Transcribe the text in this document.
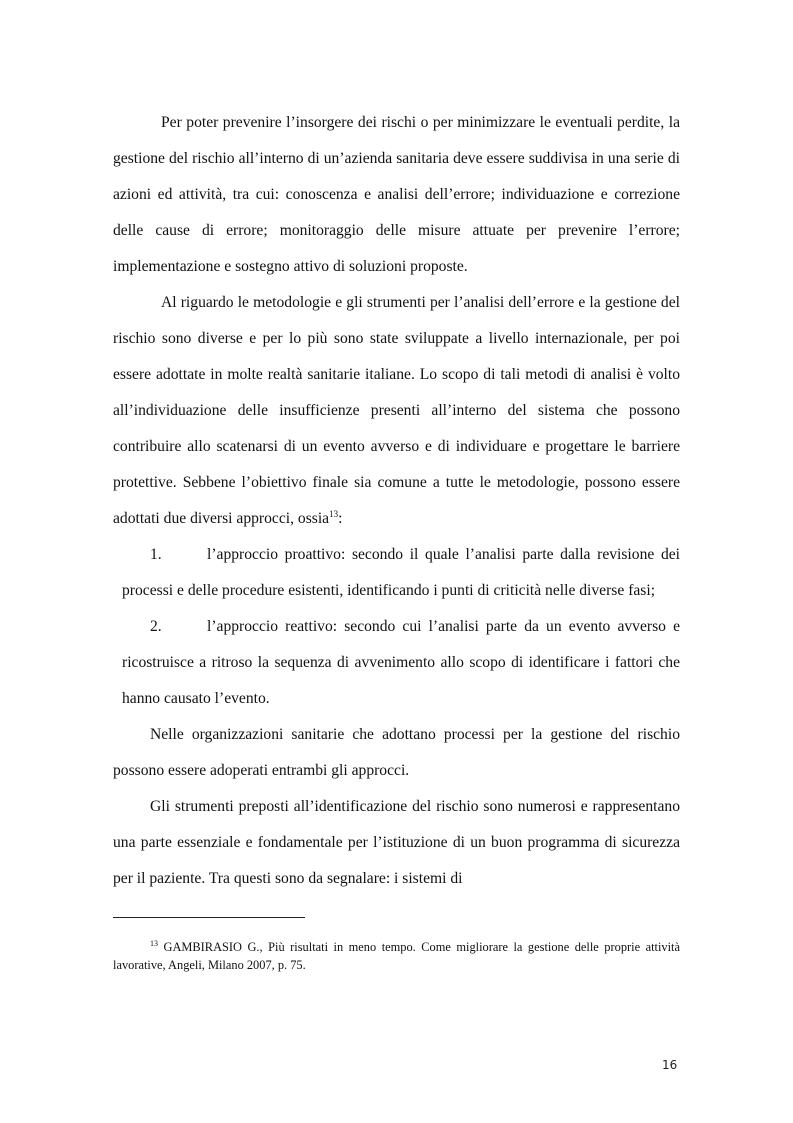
Per poter prevenire l’insorgere dei rischi o per minimizzare le eventuali perdite, la gestione del rischio all’interno di un’azienda sanitaria deve essere suddivisa in una serie di azioni ed attività, tra cui: conoscenza e analisi dell’errore; individuazione e correzione delle cause di errore; monitoraggio delle misure attuate per prevenire l’errore; implementazione e sostegno attivo di soluzioni proposte.

Al riguardo le metodologie e gli strumenti per l’analisi dell’errore e la gestione del rischio sono diverse e per lo più sono state sviluppate a livello internazionale, per poi essere adottate in molte realtà sanitarie italiane. Lo scopo di tali metodi di analisi è volto all’individuazione delle insufficienze presenti all’interno del sistema che possono contribuire allo scatenarsi di un evento avverso e di individuare e progettare le barriere protettive. Sebbene l’obiettivo finale sia comune a tutte le metodologie, possono essere adottati due diversi approcci, ossia$^{13}$:

1.	l’approccio proattivo: secondo il quale l’analisi parte dalla revisione dei processi e delle procedure esistenti, identificando i punti di criticità nelle diverse fasi;
2.	l’approccio reattivo: secondo cui l’analisi parte da un evento avverso e ricostruisce a ritroso la sequenza di avvenimento allo scopo di identificare i fattori che hanno causato l’evento.

Nelle organizzazioni sanitarie che adottano processi per la gestione del rischio possono essere adoperati entrambi gli approcci.

Gli strumenti preposti all’identificazione del rischio sono numerosi e rappresentano una parte essenziale e fondamentale per l’istituzione di un buon programma di sicurezza per il paziente. Tra questi sono da segnalare: i sistemi di

$^{13}$ GAMBIRASIO G., Più risultati in meno tempo. Come migliorare la gestione delle proprie attività lavorative, Angeli, Milano 2007, p. 75.
16
